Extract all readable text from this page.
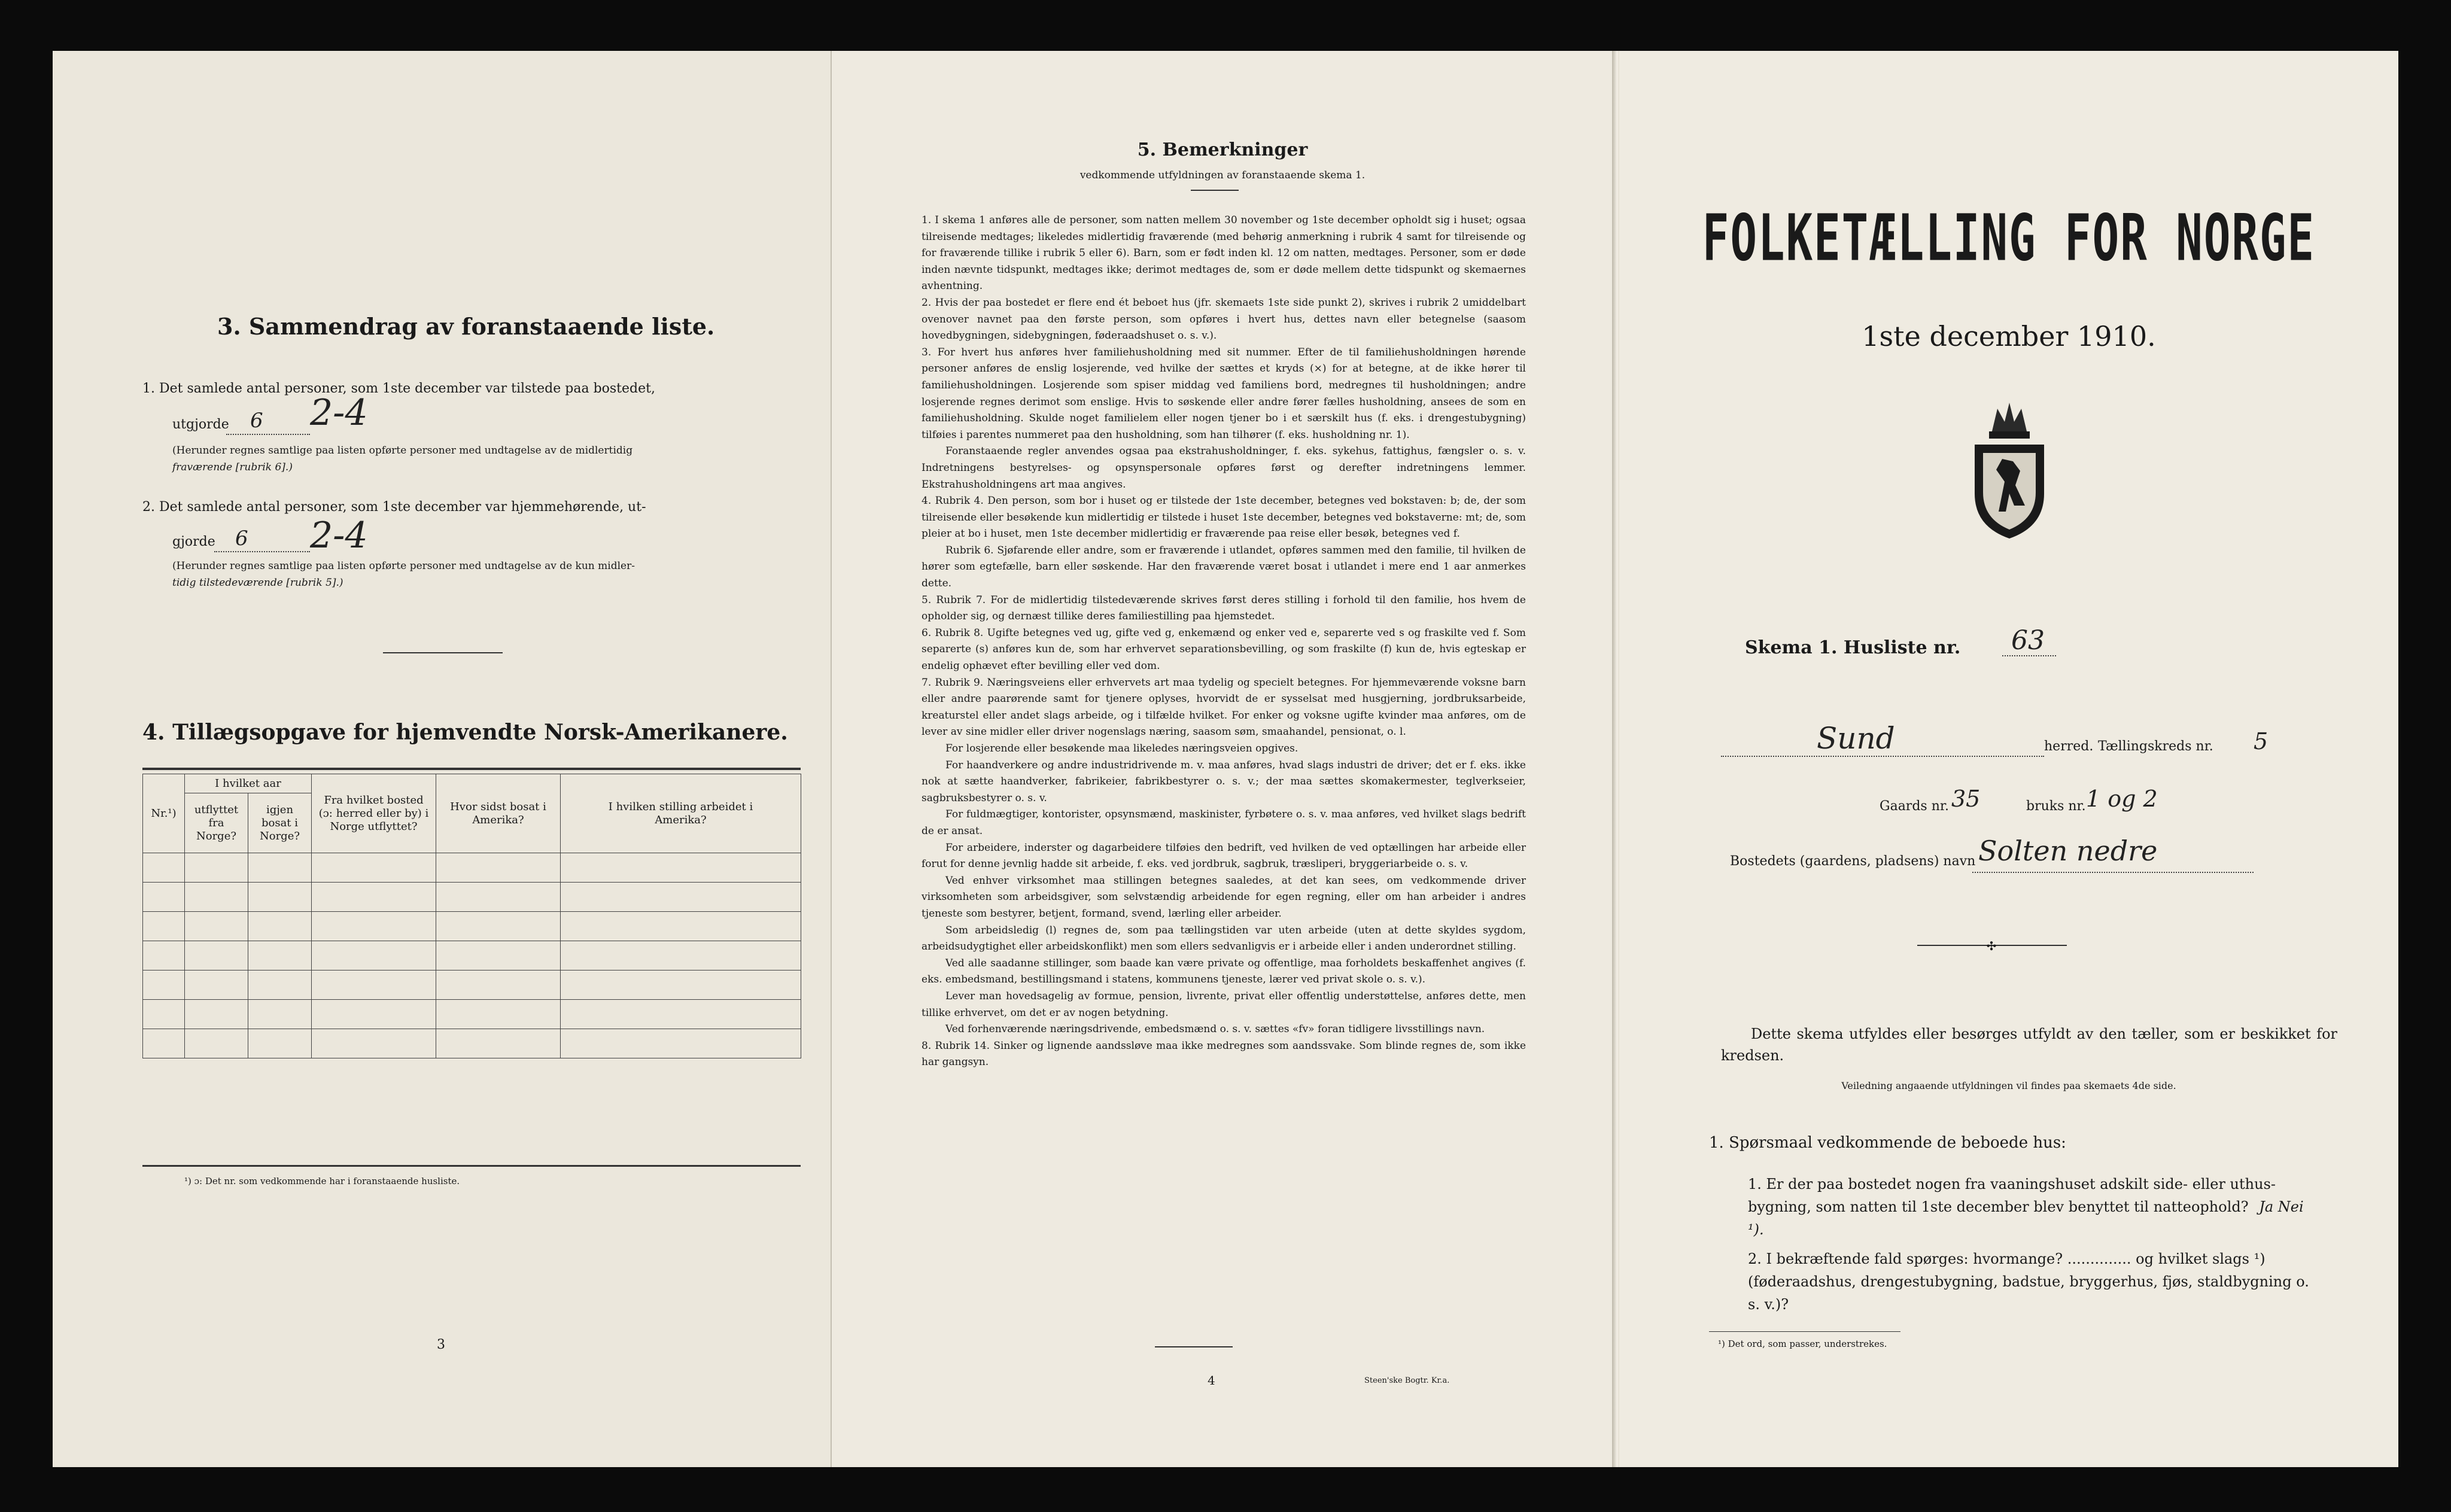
3. Sammendrag av foranstaaende liste.
1. Det samlede antal personer, som 1ste december var tilstede paa bostedet,
utgjorde 6 2-4
(Herunder regnes samtlige paa listen opførte personer med undtagelse av de midlertidig
fraværende [rubrik 6].)
2. Det samlede antal personer, som 1ste december var hjemmehørende, ut-
gjorde 6 2-4
(Herunder regnes samtlige paa listen opførte personer med undtagelse av de kun midler-
tidig tilstedeværende [rubrik 5].)
4. Tillægsopgave for hjemvendte Norsk-Amerikanere.
Nr.¹)	I hvilket aar		Fra hvilket bosted (ɔ: herred eller by) i Norge utflyttet?	Hvor sidst bosat i Amerika?	I hvilken stilling arbeidet i Amerika?
	utflyttet fra Norge?	igjen bosat i Norge?			

¹) ɔ: Det nr. som vedkommende har i foranstaaende husliste.
3
5. Bemerkninger
vedkommende utfyldningen av foranstaaende skema 1.

1. I skema 1 anføres alle de personer, som natten mellem 30 november og 1ste december opholdt sig i huset; ogsaa tilreisende medtages; likeledes midlertidig fraværende (med behørig anmerkning i rubrik 4 samt for tilreisende og for fraværende tillike i rubrik 5 eller 6). Barn, som er født inden kl. 12 om natten, medtages. Personer, som er døde inden nævnte tidspunkt, medtages ikke; derimot medtages de, som er døde mellem dette tidspunkt og skemaernes avhentning.

2. Hvis der paa bostedet er flere end ét beboet hus (jfr. skemaets 1ste side punkt 2), skrives i rubrik 2 umiddelbart ovenover navnet paa den første person, som opføres i hvert hus, dettes navn eller betegnelse (saasom hovedbygningen, sidebygningen, føderaadshuset o. s. v.).

3. For hvert hus anføres hver familiehusholdning med sit nummer. Efter de til familiehusholdningen hørende personer anføres de enslig losjerende, ved hvilke der sættes et kryds (×) for at betegne, at de ikke hører til familiehusholdningen. Losjerende som spiser middag ved familiens bord, medregnes til husholdningen; andre losjerende regnes derimot som enslige. Hvis to søskende eller andre fører fælles husholdning, ansees de som en familiehusholdning. Skulde noget familielem eller nogen tjener bo i et særskilt hus (f. eks. i drengestubygning) tilføies i parentes nummeret paa den husholdning, som han tilhører (f. eks. husholdning nr. 1).

Foranstaaende regler anvendes ogsaa paa ekstrahusholdninger, f. eks. sykehus, fattighus, fængsler o. s. v. Indretningens bestyrelses- og opsynspersonale opføres først og derefter indretningens lemmer. Ekstrahusholdningens art maa angives.

4. Rubrik 4. Den person, som bor i huset og er tilstede der 1ste december, betegnes ved bokstaven: b; de, der som tilreisende eller besøkende kun midlertidig er tilstede i huset 1ste december, betegnes ved bokstaverne: mt; de, som pleier at bo i huset, men 1ste december midlertidig er fraværende paa reise eller besøk, betegnes ved f.

Rubrik 6. Sjøfarende eller andre, som er fraværende i utlandet, opføres sammen med den familie, til hvilken de hører som egtefælle, barn eller søskende. Har den fraværende været bosat i utlandet i mere end 1 aar anmerkes dette.

5. Rubrik 7. For de midlertidig tilstedeværende skrives først deres stilling i forhold til den familie, hos hvem de opholder sig, og dernæst tillike deres familiestilling paa hjemstedet.

6. Rubrik 8. Ugifte betegnes ved ug, gifte ved g, enkemænd og enker ved e, separerte ved s og fraskilte ved f. Som separerte (s) anføres kun de, som har erhvervet separationsbevilling, og som fraskilte (f) kun de, hvis egteskap er endelig ophævet efter bevilling eller ved dom.

7. Rubrik 9. Næringsveiens eller erhvervets art maa tydelig og specielt betegnes. For hjemmeværende voksne barn eller andre paarørende samt for tjenere oplyses, hvorvidt de er sysselsat med husgjerning, jordbruksarbeide, kreaturstel eller andet slags arbeide, og i tilfælde hvilket. For enker og voksne ugifte kvinder maa anføres, om de lever av sine midler eller driver nogenslags næring, saasom søm, smaahandel, pensionat, o. l.

For losjerende eller besøkende maa likeledes næringsveien opgives.

For haandverkere og andre industridrivende m. v. maa anføres, hvad slags industri de driver; det er f. eks. ikke nok at sætte haandverker, fabrikeier, fabrikbestyrer o. s. v.; der maa sættes skomakermester, teglverkseier, sagbruksbestyrer o. s. v.

For fuldmægtiger, kontorister, opsynsmænd, maskinister, fyrbøtere o. s. v. maa anføres, ved hvilket slags bedrift de er ansat.

For arbeidere, inderster og dagarbeidere tilføies den bedrift, ved hvilken de ved optællingen har arbeide eller forut for denne jevnlig hadde sit arbeide, f. eks. ved jordbruk, sagbruk, træsliperi, bryggeriarbeide o. s. v.

Ved enhver virksomhet maa stillingen betegnes saaledes, at det kan sees, om vedkommende driver virksomheten som arbeidsgiver, som selvstændig arbeidende for egen regning, eller om han arbeider i andres tjeneste som bestyrer, betjent, formand, svend, lærling eller arbeider.

Som arbeidsledig (l) regnes de, som paa tællingstiden var uten arbeide (uten at dette skyldes sygdom, arbeidsudygtighet eller arbeidskonflikt) men som ellers sedvanligvis er i arbeide eller i anden underordnet stilling.

Ved alle saadanne stillinger, som baade kan være private og offentlige, maa forholdets beskaffenhet angives (f. eks. embedsmand, bestillingsmand i statens, kommunens tjeneste, lærer ved privat skole o. s. v.).

Lever man hovedsagelig av formue, pension, livrente, privat eller offentlig understøttelse, anføres dette, men tillike erhvervet, om det er av nogen betydning.

Ved forhenværende næringsdrivende, embedsmænd o. s. v. sættes «fv» foran tidligere livsstillings navn.

8. Rubrik 14. Sinker og lignende aandssløve maa ikke medregnes som aandssvake. Som blinde regnes de, som ikke har gangsyn.

4	Steen'ske Bogtr. Kr.a.
FOLKETÆLLING FOR NORGE
1ste december 1910.
Skema 1. Husliste nr. 63
Sund	herred. Tællingskreds nr. 5
Gaards nr. 35	bruks nr. 1 og 2
Bostedets (gaardens, pladsens) navn Solten nedre
✣
Dette skema utfyldes eller besørges utfyldt av den tæller, som er beskikket for kredsen.
Veiledning angaaende utfyldningen vil findes paa skemaets 4de side.
1. Spørsmaal vedkommende de beboede hus:
1. Er der paa bostedet nogen fra vaaningshuset adskilt side- eller uthus-bygning, som natten til 1ste december blev benyttet til natteophold? Ja Nei ¹).
2. I bekræftende fald spørges: hvormange? .............. og hvilket slags ¹) (føderaadshus, drengestubygning, badstue, bryggerhus, fjøs, staldbygning o. s. v.)?
¹) Det ord, som passer, understrekes.
